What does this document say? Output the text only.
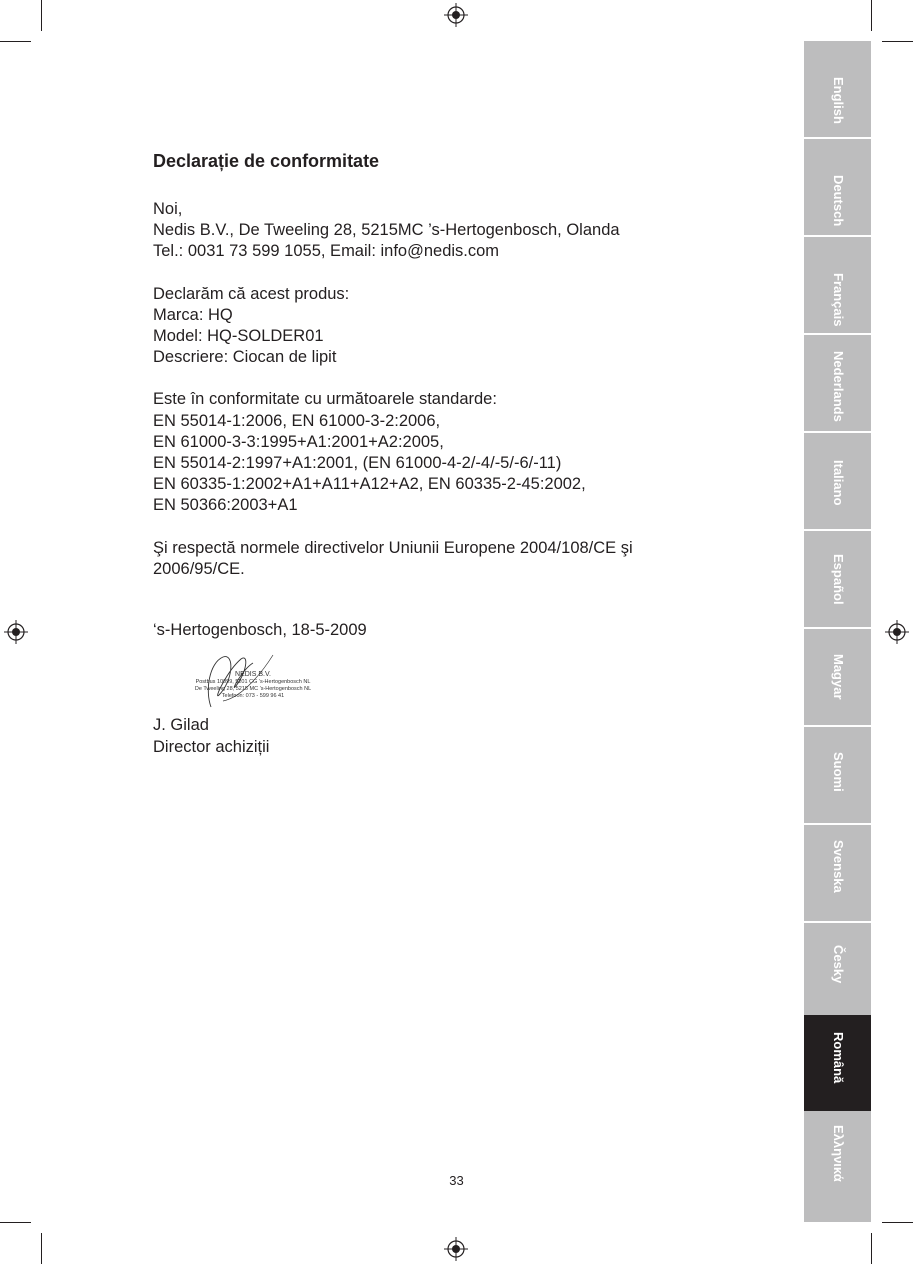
Declarație de conformitate
Noi,
Nedis B.V., De Tweeling 28, 5215MC ’s-Hertogenbosch, Olanda
Tel.: 0031 73 599 1055, Email: info@nedis.com
Declarăm că acest produs:
Marca: HQ
Model: HQ-SOLDER01
Descriere: Ciocan de lipit
Este în conformitate cu următoarele standarde:
EN 55014-1:2006, EN 61000-3-2:2006,
EN 61000-3-3:1995+A1:2001+A2:2005,
EN 55014-2:1997+A1:2001, (EN 61000-4-2/-4/-5/-6/-11)
EN 60335-1:2002+A1+A11+A12+A2, EN 60335-2-45:2002,
EN 50366:2003+A1
Şi respectă normele directivelor Uniunii Europene 2004/108/CE şi 2006/95/CE.
‘s-Hertogenbosch, 18-5-2009
NEDIS B.V.
Postbus 10099, 5201 CG ’s-Hertogenbosch NL
De Tweeling 28, 5215 MC ’s-Hertogenbosch NL
Telefoon: 073 - 599 96 41
J. Gilad
Director achiziții
33
English
Deutsch
Français
Nederlands
Italiano
Español
Magyar
Suomi
Svenska
Česky
Română
Ελληνικά
